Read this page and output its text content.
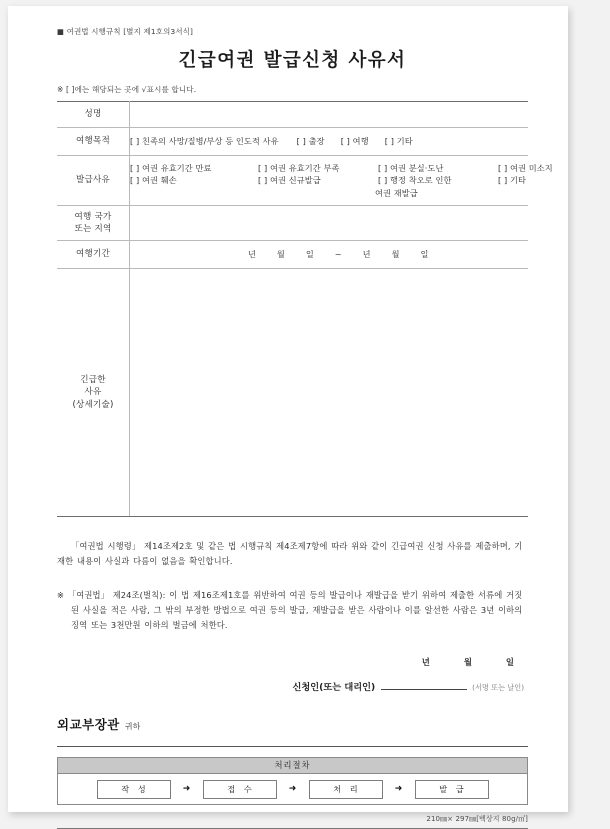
■ 여권법 시행규칙 [별지 제1호의3서식]
긴급여권 발급신청 사유서
※ [ ]에는 해당되는 곳에 √표시를 합니다.
성명	
여행목적	[ ] 친족의 사망/질병/부상 등 인도적 사유 [ ] 출장 [ ] 여행 [ ] 기타

발급사유	[ ] 여권 유효기간 만료 [ ] 여권 유효기간 부족 [ ] 여권 분실·도난 [ ] 여권 미소지
[ ] 여권 훼손 [ ] 여권 신규발급 [ ] 행정 착오로 인한 [ ] 기타
여권 재발급

여행 국가
또는 지역	

여행기간	년 월 일 ~ 년 월 일

긴급한
사유
(상세기술)	

「여권법 시행령」 제14조제2호 및 같은 법 시행규칙 제4조제7항에 따라 위와 같이 긴급여권 신청 사유를 제출하며, 기재한 내용이 사실과 다름이 없음을 확인합니다.
※ 「여권법」 제24조(벌칙): 이 법 제16조제1호를 위반하여 여권 등의 발급이나 재발급을 받기 위하여 제출한 서류에 거짓된 사실을 적은 사람, 그 밖의 부정한 방법으로 여권 등의 발급, 재발급을 받은 사람이나 이를 알선한 사람은 3년 이하의 징역 또는 3천만원 이하의 벌금에 처한다.
년	월	일
신청인(또는 대리인)	(서명 또는 날인)
외교부장관 귀하
처리절차
작 성	➜	접 수	➜	처 리	➜	발 급
210㎜× 297㎜[백상지 80g/㎡]
